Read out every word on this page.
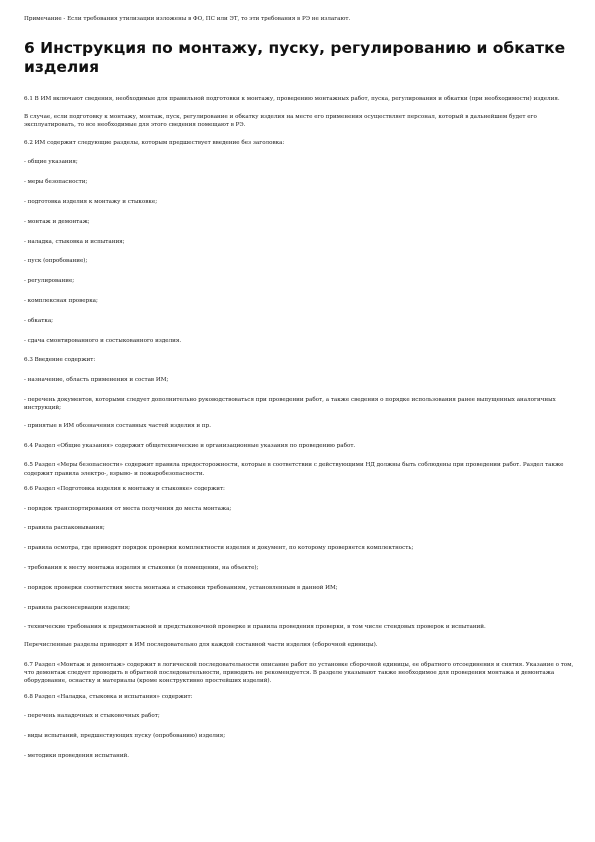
Примечание - Если требования утилизации изложены в ФО, ПС или ЭТ, то эти требования в РЭ не излагают.
6 Инструкция по монтажу, пуску, регулированию и обкатке изделия

6.1 В ИМ включают сведения, необходимые для правильной подготовки к монтажу, проведению монтажных работ, пуска, регулирования и обкатки (при необходимости) изделия.

В случае, если подготовку к монтажу, монтаж, пуск, регулирование и обкатку изделия на месте его применения осуществляет персонал, который в дальнейшем будет его эксплуатировать, то все необходимые для этого сведения помещают в РЭ.

6.2 ИМ содержит следующие разделы, которым предшествует введение без заголовка:

- общие указания;

- меры безопасности;

- подготовка изделия к монтажу и стыковке;

- монтаж и демонтаж;

- наладка, стыковка и испытания;

- пуск (опробование);

- регулирование;

- комплексная проверка;

- обкатка;

- сдача смонтированного и состыкованного изделия.

6.3 Введение содержит:

- назначение, область применения и состав ИМ;

- перечень документов, которыми следует дополнительно руководствоваться при проведении работ, а также сведения о порядке использования ранее выпущенных аналогичных инструкций;

- принятые в ИМ обозначения составных частей изделия и пр.

6.4 Раздел «Общие указания» содержит общетехнические и организационные указания по проведению работ.

6.5 Раздел «Меры безопасности» содержит правила предосторожности, которые в соответствии с действующими НД должны быть соблюдены при проведении работ. Раздел также содержит правила электро-, взрыво- и пожаробезопасности.

6.6 Раздел «Подготовка изделия к монтажу и стыковке» содержит:

- порядок транспортирования от места получения до места монтажа;

- правила распаковывания;

- правила осмотра, где приводят порядок проверки комплектности изделия и документ, по которому проверяется комплектность;

- требования к месту монтажа изделия и стыковке (в помещении, на объекте);

- порядок проверки соответствия места монтажа и стыковки требованиям, установленным в данной ИМ;

- правила расконсервации изделия;

- технические требования к предмонтажной и предстыковочной проверке и правила проведения проверки, в том числе стендовых проверок и испытаний.

Перечисленные разделы приводят в ИМ последовательно для каждой составной части изделия (сборочной единицы).

6.7 Раздел «Монтаж и демонтаж» содержит в логической последовательности описание работ по установке сборочной единицы, ее обратного отсоединения и снятия. Указание о том, что демонтаж следует проводить в обратной последовательности, приводить не рекомендуется. В разделе указывают также необходимое для проведения монтажа и демонтажа оборудование, оснастку и материалы (кроме конструктивно простейших изделий).

6.8 Раздел «Наладка, стыковка и испытания» содержит:

- перечень наладочных и стыковочных работ;

- виды испытаний, предшествующих пуску (опробованию) изделия;

- методики проведения испытаний.
